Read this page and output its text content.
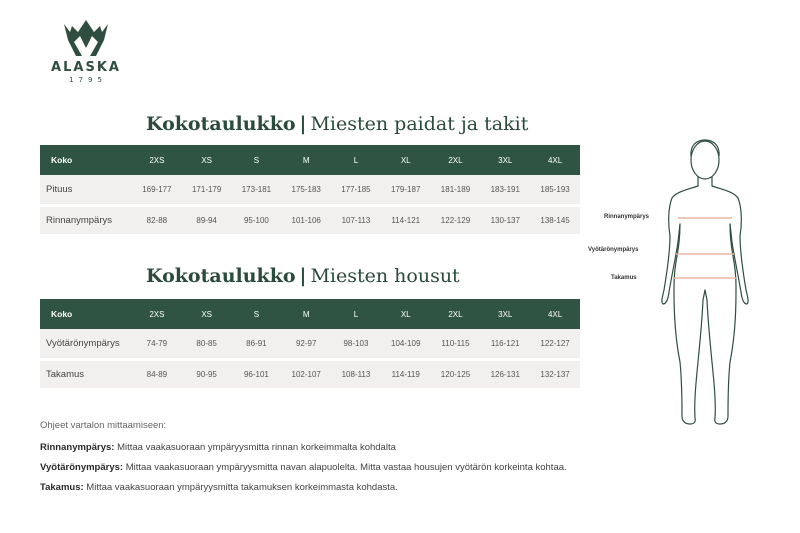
ALASKA
1795
Kokotaulukko | Miesten paidat ja takit
Koko	2XS	XS	S	M	L	XL	2XL	3XL	4XL
Pituus	169-177	171-179	173-181	175-183	177-185	179-187	181-189	183-191	185-193
Rinnanympärys	82-88	89-94	95-100	101-106	107-113	114-121	122-129	130-137	138-145
Kokotaulukko | Miesten housut
Koko	2XS	XS	S	M	L	XL	2XL	3XL	4XL
Vyötärönympärys	74-79	80-85	86-91	92-97	98-103	104-109	110-115	116-121	122-127
Takamus	84-89	90-95	96-101	102-107	108-113	114-119	120-125	126-131	132-137

Ohjeet vartalon mittaamiseen:

Rinnanympärys: Mittaa vaakasuoraan ympäryysmitta rinnan korkeimmalta kohdalta

Vyötärönympärys: Mittaa vaakasuoraan ympäryysmitta navan alapuolelta. Mitta vastaa housujen vyötärön korkeinta kohtaa.

Takamus: Mittaa vaakasuoraan ympäryysmitta takamuksen korkeimmasta kohdasta.

Rinnanympärys
Vyötärönympärys
Takamus
